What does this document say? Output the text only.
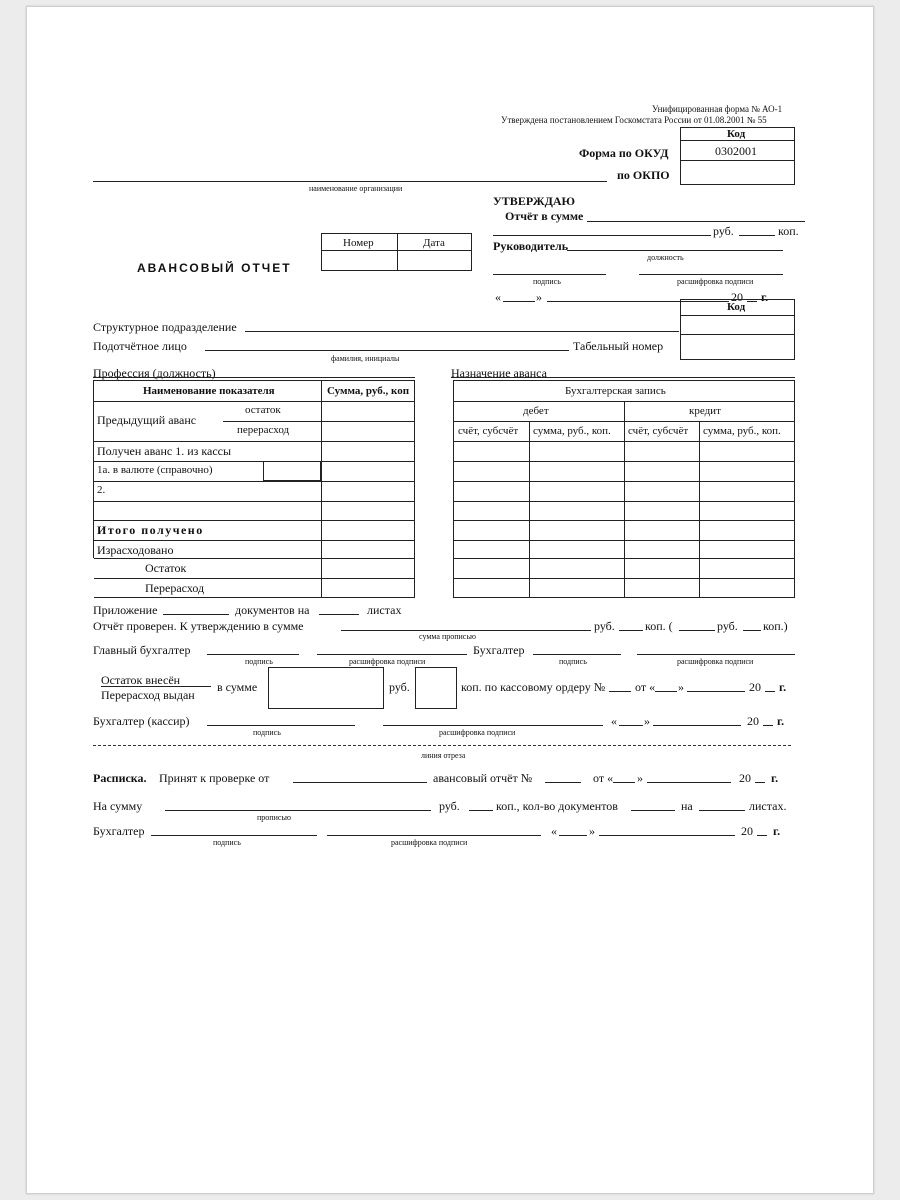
Унифицированная форма № АО-1
Утверждена постановлением Госкомстата России от 01.08.2001 № 55
Код
0302001
Форма по ОКУД
по ОКПО
наименование организации
УТВЕРЖДАЮ
Отчёт в сумме
руб.	коп.
Руководитель
должность
подпись	расшифровка подписи
«	»	20 г.
АВАНСОВЫЙ ОТЧЕТ
Номер	Дата
Код
Структурное подразделение
Подотчётное лицо	Табельный номер
фамилия, инициалы
Профессия (должность)	Назначение аванса
Наименование показателя	Сумма, руб., коп
Предыдущий аванс
остаток
перерасход
Получен аванс 1. из кассы
1а. в валюте (справочно)
2.
Итого получено
Израсходовано
Остаток
Перерасход
Бухгалтерская запись
дебет	кредит
счёт, субсчёт сумма, руб., коп. счёт, субсчёт сумма, руб., коп.
Приложение	документов на	листах
Отчёт проверен. К утверждению в сумме	руб.	коп. (	руб. коп.)
сумма прописью
Главный бухгалтер	Бухгалтер
подпись	расшифровка подписи	подпись	расшифровка подписи
Остаток внесён
Перерасход выдан
в сумме	руб.	коп. по кассовому ордеру № от « »	20 г.
Бухгалтер (кассир)	« »	20 г.
подпись	расшифровка подписи
линия отреза
Расписка. Принят к проверке от	авансовый отчёт №	от « »	20 г.
На сумму	руб.	коп., кол-во документов	на	листах.
прописью
Бухгалтер	«	»	20 г.
подпись	расшифровка подписи
